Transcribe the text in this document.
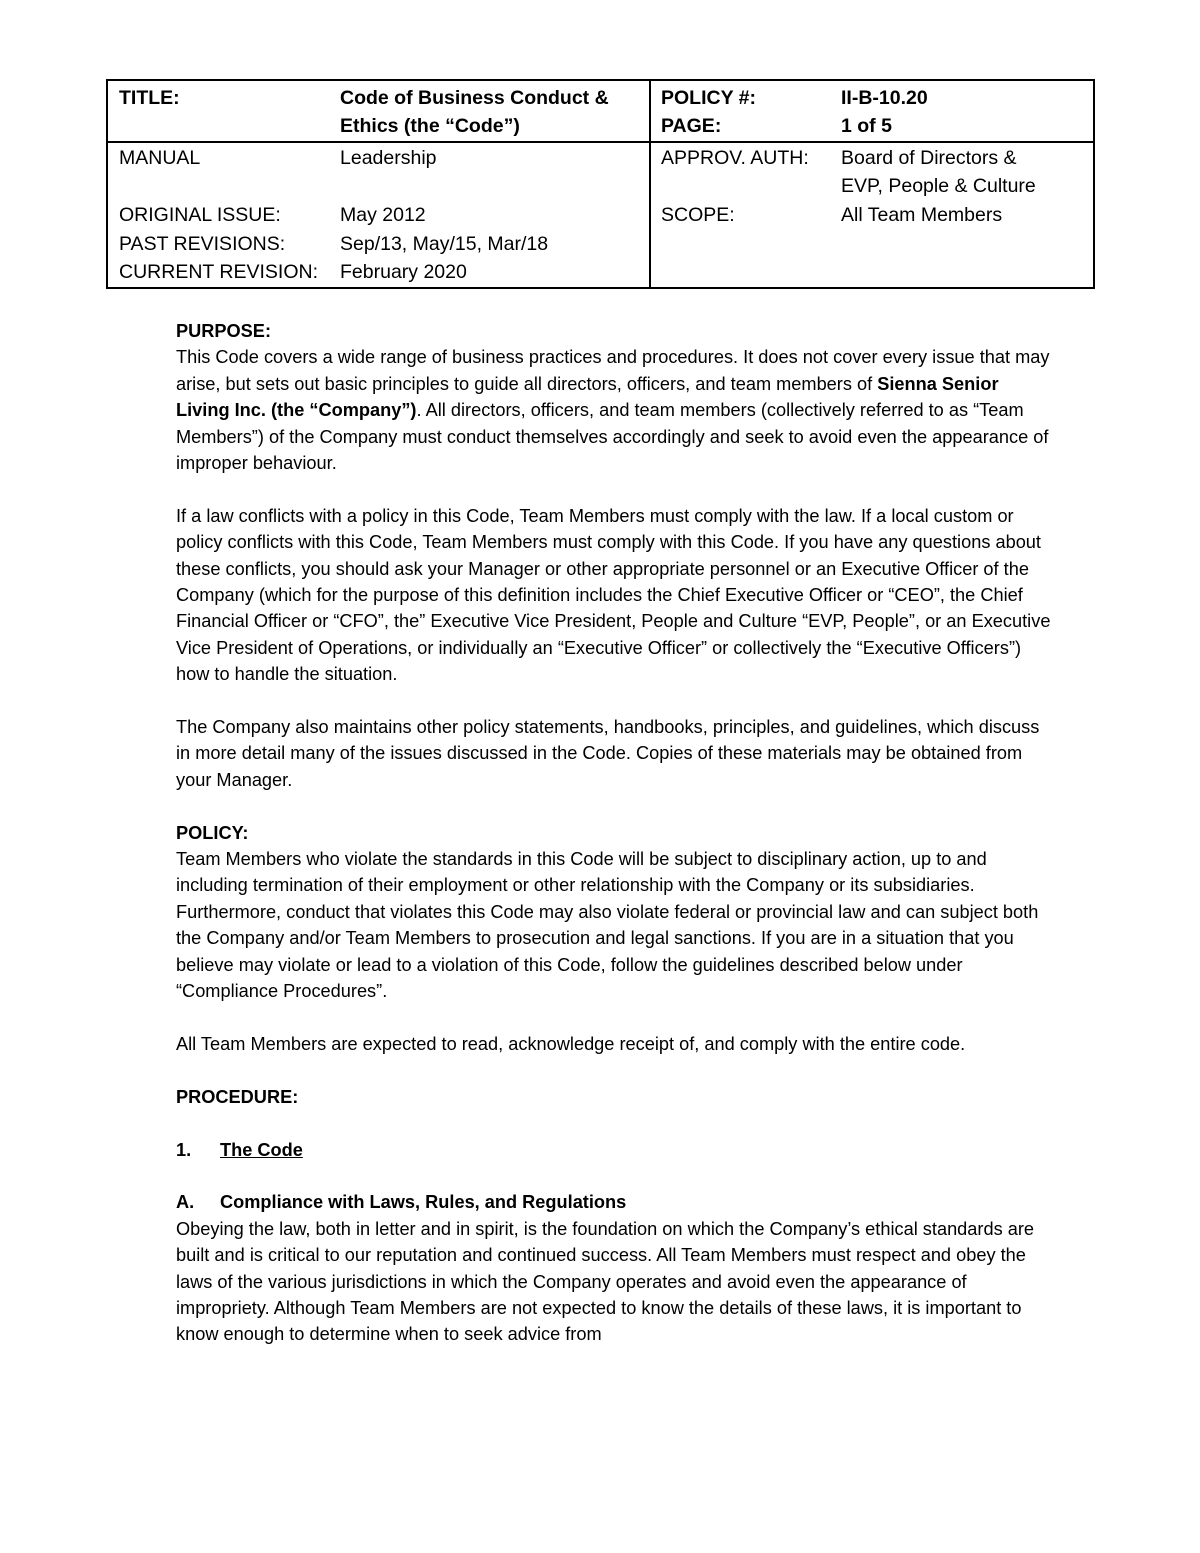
TITLE:	Code of Business Conduct &
Ethics (the “Code”)
POLICY #:	II-B-10.20
PAGE:	1 of 5
MANUAL	Leadership
ORIGINAL ISSUE:	May 2012
PAST REVISIONS:	Sep/13, May/15, Mar/18
CURRENT REVISION: February 2020
APPROV. AUTH: Board of Directors &
EVP, People & Culture
SCOPE:	All Team Members

PURPOSE:

This Code covers a wide range of business practices and procedures. It does not cover every issue that may arise, but sets out basic principles to guide all directors, officers, and team members of Sienna Senior Living Inc. (the “Company”). All directors, officers, and team members (collectively referred to as “Team Members”) of the Company must conduct themselves accordingly and seek to avoid even the appearance of improper behaviour.

If a law conflicts with a policy in this Code, Team Members must comply with the law. If a local custom or policy conflicts with this Code, Team Members must comply with this Code. If you have any questions about these conflicts, you should ask your Manager or other appropriate personnel or an Executive Officer of the Company (which for the purpose of this definition includes the Chief Executive Officer or “CEO”, the Chief Financial Officer or “CFO”, the” Executive Vice President, People and Culture “EVP, People”, or an Executive Vice President of Operations, or individually an “Executive Officer” or collectively the “Executive Officers”) how to handle the situation.

The Company also maintains other policy statements, handbooks, principles, and guidelines, which discuss in more detail many of the issues discussed in the Code. Copies of these materials may be obtained from your Manager.

POLICY:

Team Members who violate the standards in this Code will be subject to disciplinary action, up to and including termination of their employment or other relationship with the Company or its subsidiaries. Furthermore, conduct that violates this Code may also violate federal or provincial law and can subject both the Company and/or Team Members to prosecution and legal sanctions. If you are in a situation that you believe may violate or lead to a violation of this Code, follow the guidelines described below under “Compliance Procedures”.

All Team Members are expected to read, acknowledge receipt of, and comply with the entire code.

PROCEDURE:

1. The Code

A. Compliance with Laws, Rules, and Regulations

Obeying the law, both in letter and in spirit, is the foundation on which the Company’s ethical standards are built and is critical to our reputation and continued success. All Team Members must respect and obey the laws of the various jurisdictions in which the Company operates and avoid even the appearance of impropriety. Although Team Members are not expected to know the details of these laws, it is important to know enough to determine when to seek advice from
